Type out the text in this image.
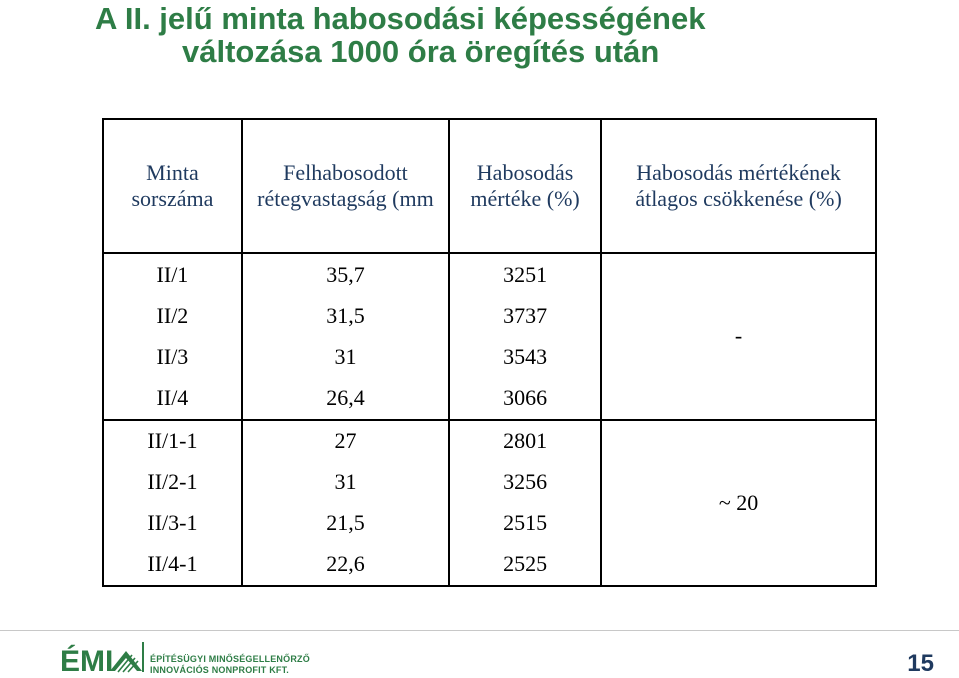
A II. jelű minta habosodási képességének
változása 1000 óra öregítés után
Minta sorszáma	Felhabosodott rétegvastagság (mm	Habosodás mértéke (%)	Habosodás mértékének átlagos csökkenése (%)
II/1	35,7	3251	-
II/2	31,5	3737	
II/3	31	3543	
II/4	26,4	3066	
II/1-1	27	2801	~ 20
II/2-1	31	3256	
II/3-1	21,5	2515	
II/4-1	22,6	2525	
ÉMI	ÉPÍTÉSÜGYI MINŐSÉGELLENŐRZŐ
INNOVÁCIÓS NONPROFIT KFT.	15
